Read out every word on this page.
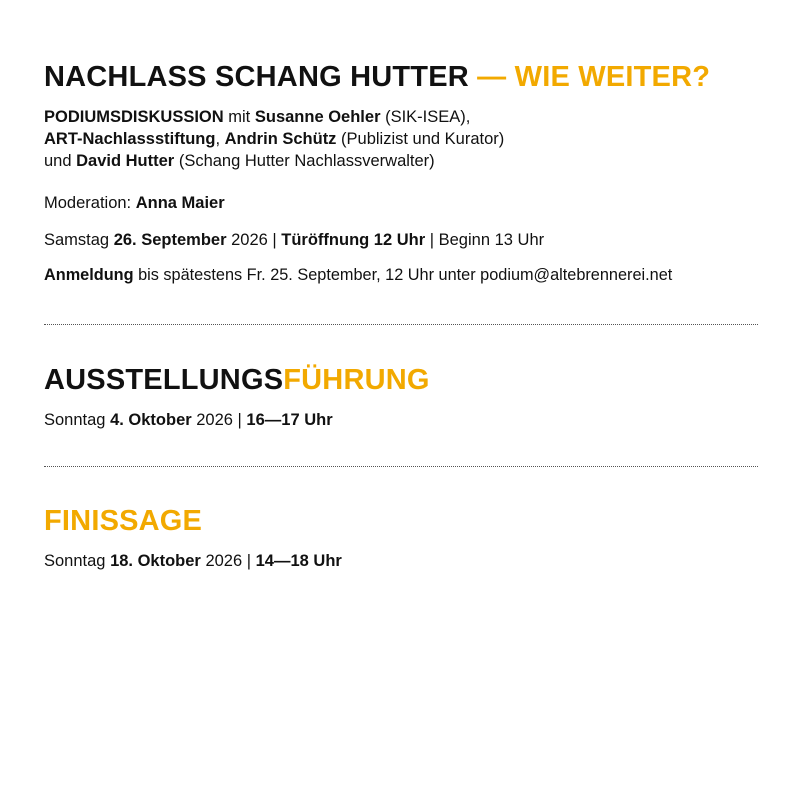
NACHLASS SCHANG HUTTER — WIE WEITER?

PODIUMSDISKUSSION mit Susanne Oehler (SIK-ISEA),

ART-Nachlassstiftung, Andrin Schütz (Publizist und Kurator)

und David Hutter (Schang Hutter Nachlassverwalter)

Moderation: Anna Maier

Samstag 26. September 2026 | Türöffnung 12 Uhr | Beginn 13 Uhr

Anmeldung bis spätestens Fr. 25. September, 12 Uhr unter podium@altebrennerei.net

AUSSTELLUNGSFÜHRUNG

Sonntag 4. Oktober 2026 | 16—17 Uhr

FINISSAGE

Sonntag 18. Oktober 2026 | 14—18 Uhr
